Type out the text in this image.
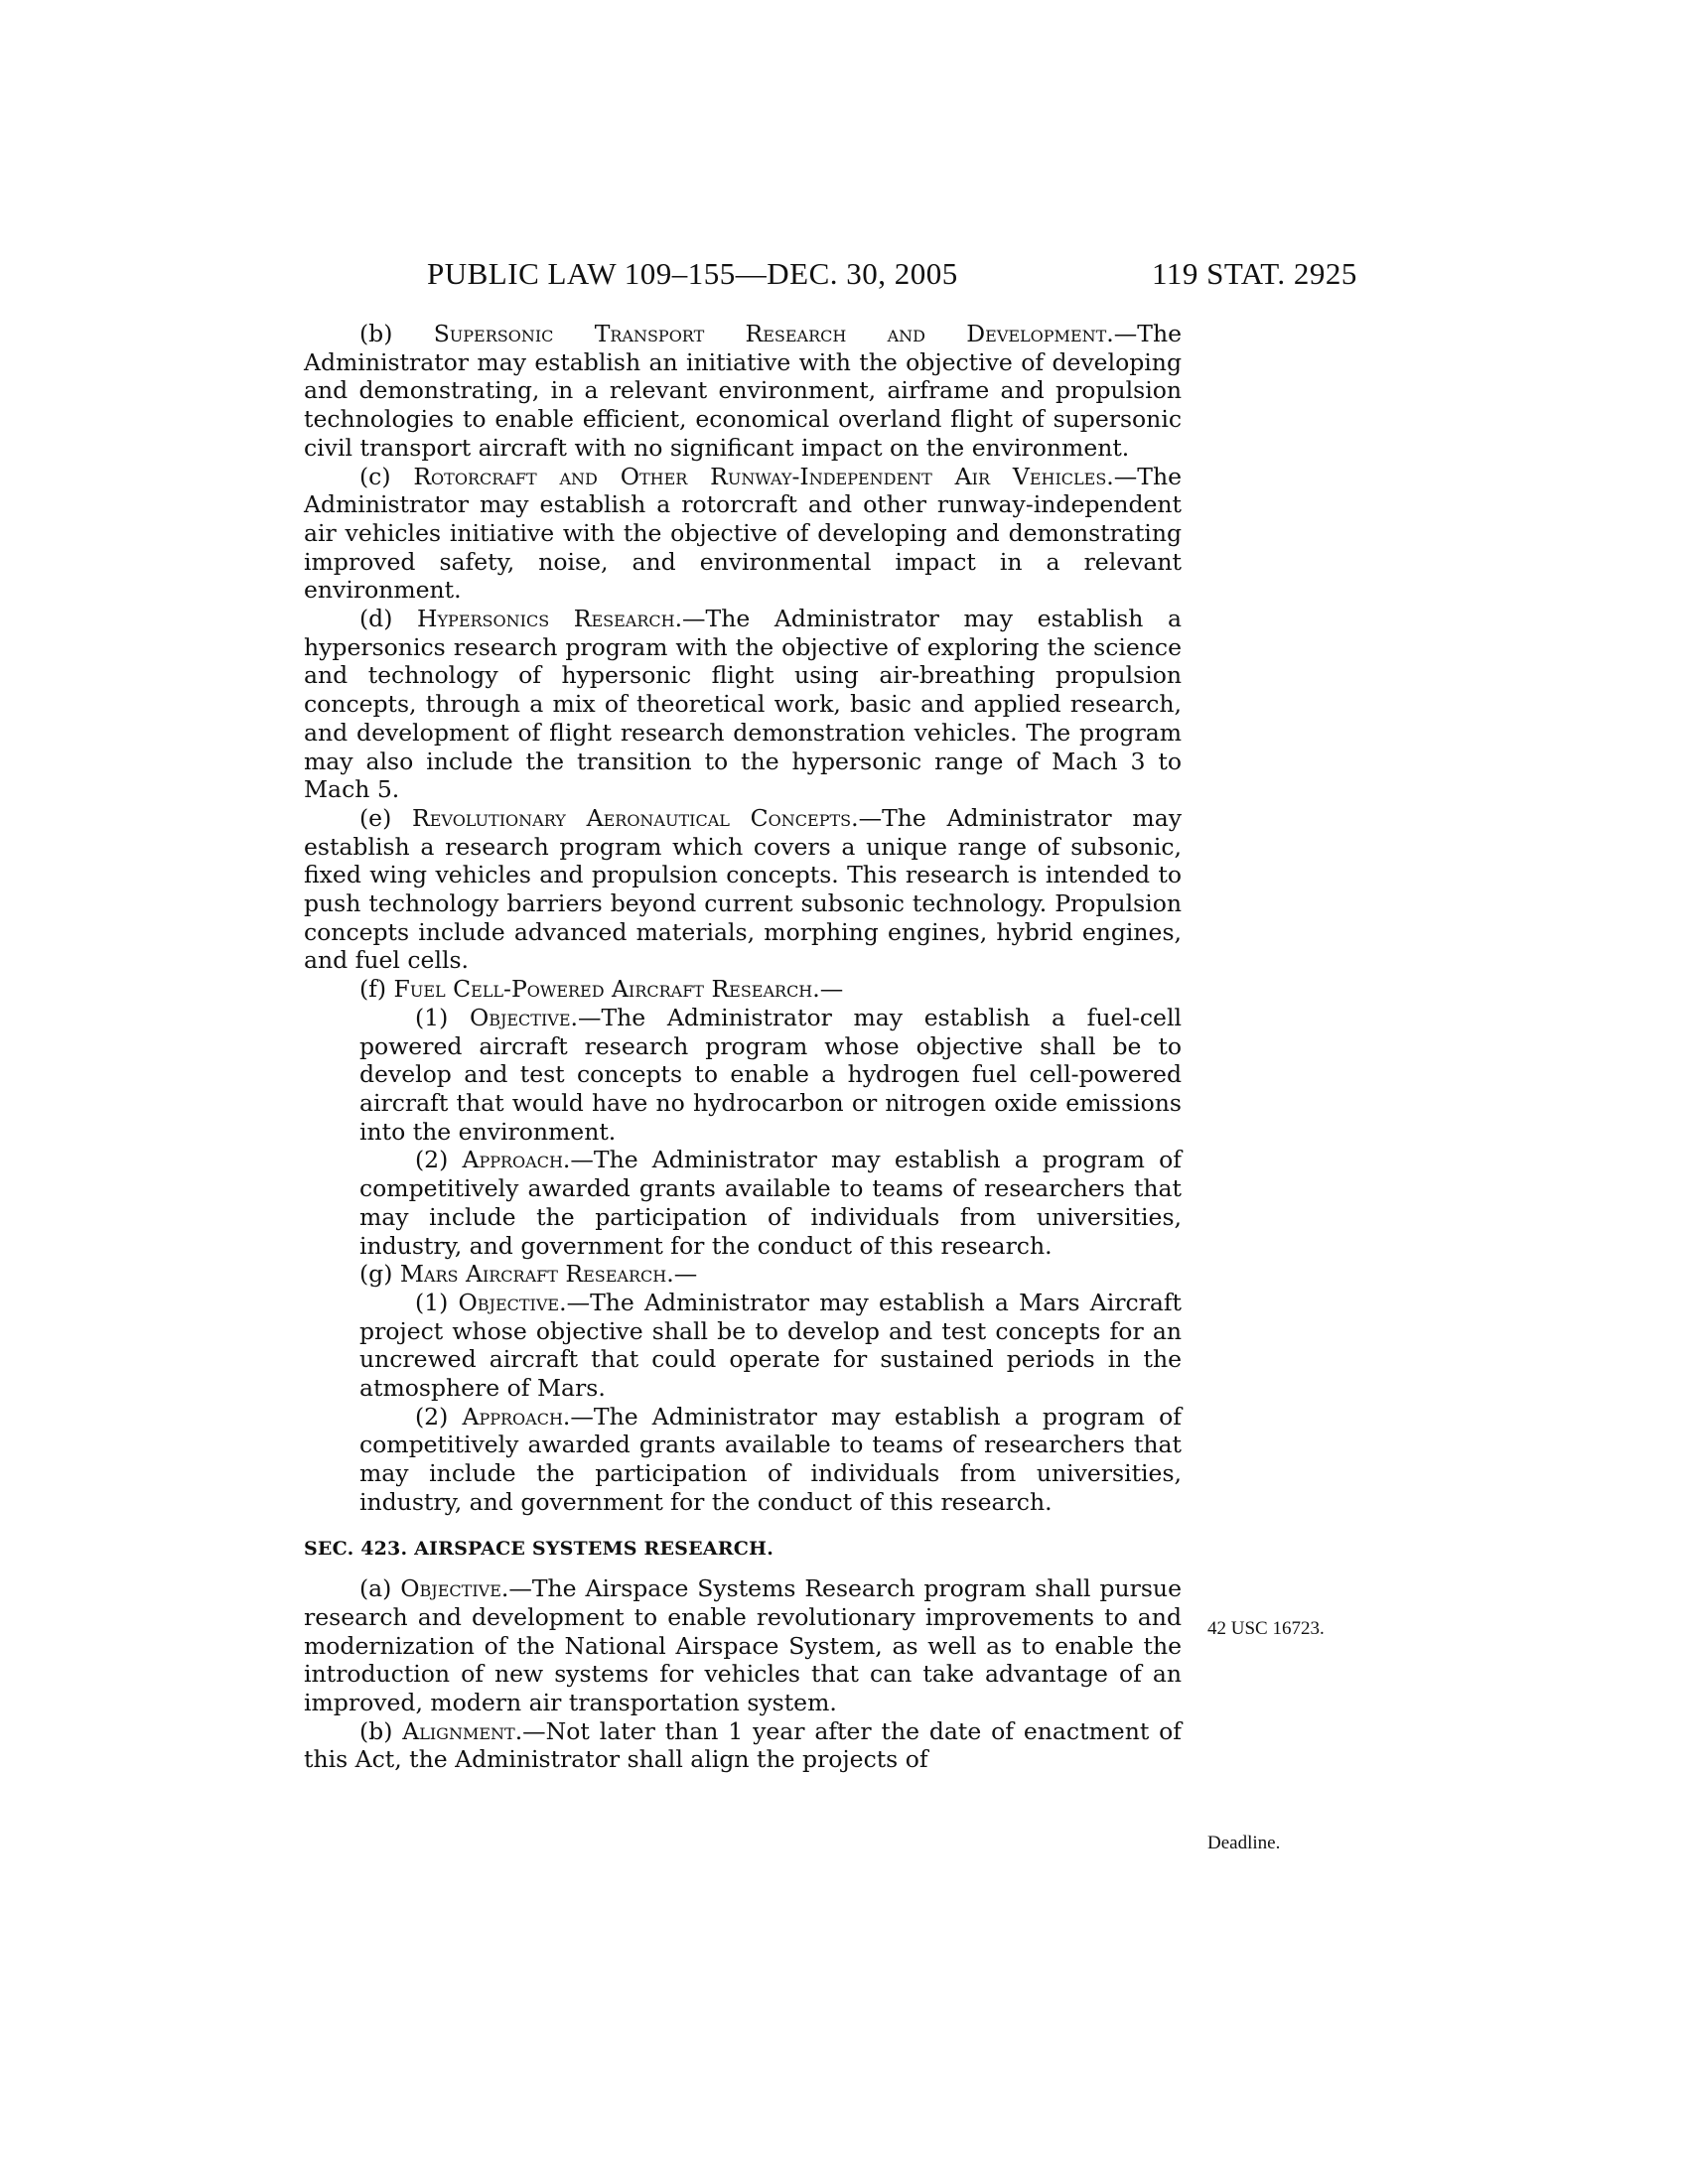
PUBLIC LAW 109–155—DEC. 30, 2005	119 STAT. 2925

(b) Supersonic Transport Research and Development.—The Administrator may establish an initiative with the objective of developing and demonstrating, in a relevant environment, airframe and propulsion technologies to enable efficient, economical overland flight of supersonic civil transport aircraft with no significant impact on the environment.

(c) Rotorcraft and Other Runway-Independent Air Vehicles.—The Administrator may establish a rotorcraft and other runway-independent air vehicles initiative with the objective of developing and demonstrating improved safety, noise, and environmental impact in a relevant environment.

(d) Hypersonics Research.—The Administrator may establish a hypersonics research program with the objective of exploring the science and technology of hypersonic flight using air-breathing propulsion concepts, through a mix of theoretical work, basic and applied research, and development of flight research demonstration vehicles. The program may also include the transition to the hypersonic range of Mach 3 to Mach 5.

(e) Revolutionary Aeronautical Concepts.—The Administrator may establish a research program which covers a unique range of subsonic, fixed wing vehicles and propulsion concepts. This research is intended to push technology barriers beyond current subsonic technology. Propulsion concepts include advanced materials, morphing engines, hybrid engines, and fuel cells.

(f) Fuel Cell-Powered Aircraft Research.—

(1) Objective.—The Administrator may establish a fuel-cell powered aircraft research program whose objective shall be to develop and test concepts to enable a hydrogen fuel cell-powered aircraft that would have no hydrocarbon or nitrogen oxide emissions into the environment.

(2) Approach.—The Administrator may establish a program of competitively awarded grants available to teams of researchers that may include the participation of individuals from universities, industry, and government for the conduct of this research.

(g) Mars Aircraft Research.—

(1) Objective.—The Administrator may establish a Mars Aircraft project whose objective shall be to develop and test concepts for an uncrewed aircraft that could operate for sustained periods in the atmosphere of Mars.

(2) Approach.—The Administrator may establish a program of competitively awarded grants available to teams of researchers that may include the participation of individuals from universities, industry, and government for the conduct of this research.

SEC. 423. AIRSPACE SYSTEMS RESEARCH.

(a) Objective.—The Airspace Systems Research program shall pursue research and development to enable revolutionary improvements to and modernization of the National Airspace System, as well as to enable the introduction of new systems for vehicles that can take advantage of an improved, modern air transportation system.

(b) Alignment.—Not later than 1 year after the date of enactment of this Act, the Administrator shall align the projects of

42 USC 16723.
Deadline.
